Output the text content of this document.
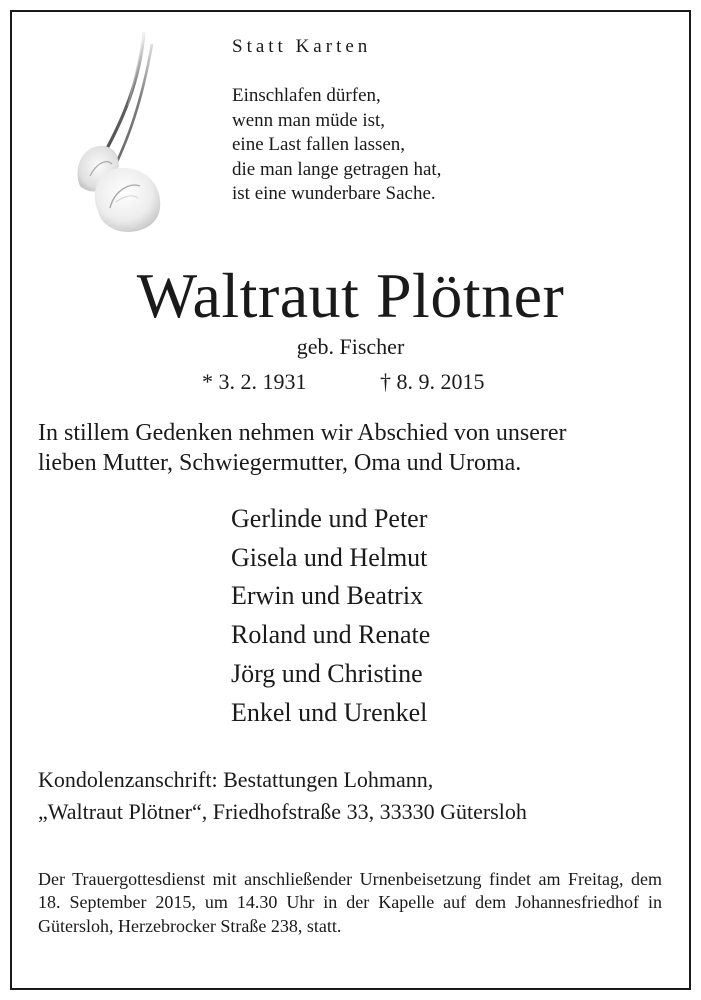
Statt Karten
Einschlafen dürfen,
wenn man müde ist,
eine Last fallen lassen,
die man lange getragen hat,
ist eine wunderbare Sache.
Waltraut Plötner
geb. Fischer
* 3. 2. 1931	† 8. 9. 2015
In stillem Gedenken nehmen wir Abschied von unserer
lieben Mutter, Schwiegermutter, Oma und Uroma.
Gerlinde und Peter
Gisela und Helmut
Erwin und Beatrix
Roland und Renate
Jörg und Christine
Enkel und Urenkel
Kondolenzanschrift: Bestattungen Lohmann,
„Waltraut Plötner“, Friedhofstraße 33, 33330 Gütersloh
Der Trauergottesdienst mit anschließender Urnenbeisetzung findet am Freitag, dem 18. September 2015, um 14.30 Uhr in der Kapelle auf dem Johannesfriedhof in Gütersloh, Herzebrocker Straße 238, statt.
